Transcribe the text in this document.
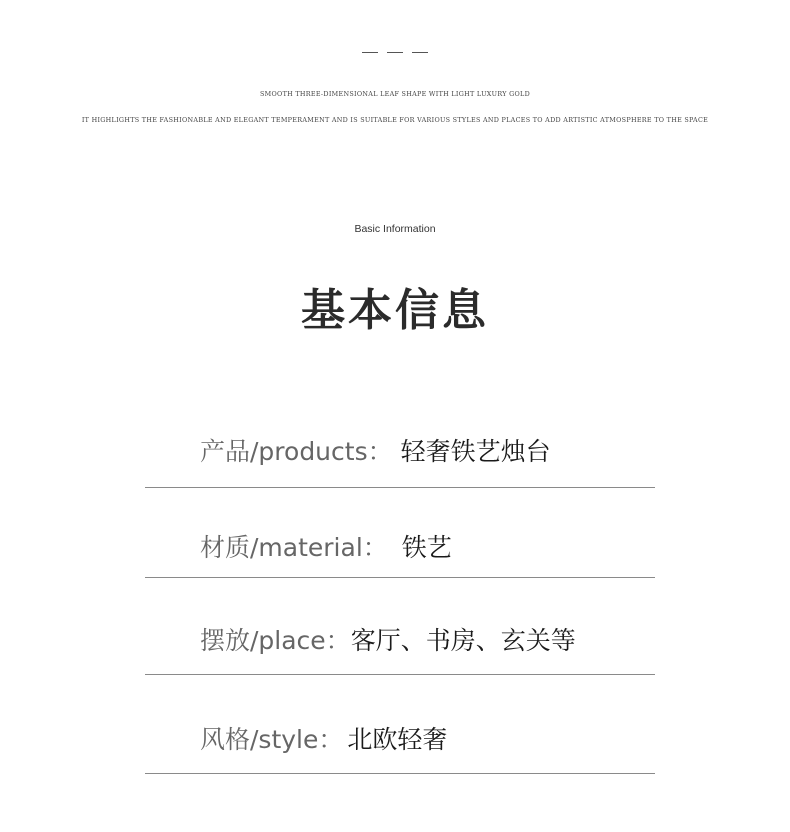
SMOOTH THREE-DIMENSIONAL LEAF SHAPE WITH LIGHT LUXURY GOLD
IT HIGHLIGHTS THE FASHIONABLE AND ELEGANT TEMPERAMENT AND IS SUITABLE FOR VARIOUS STYLES AND PLACES TO ADD ARTISTIC ATMOSPHERE TO THE SPACE
Basic Information
基本信息
产品/products： 轻奢铁艺烛台
材质/material： 铁艺
摆放/place：客厅、书房、玄关等
风格/style： 北欧轻奢
